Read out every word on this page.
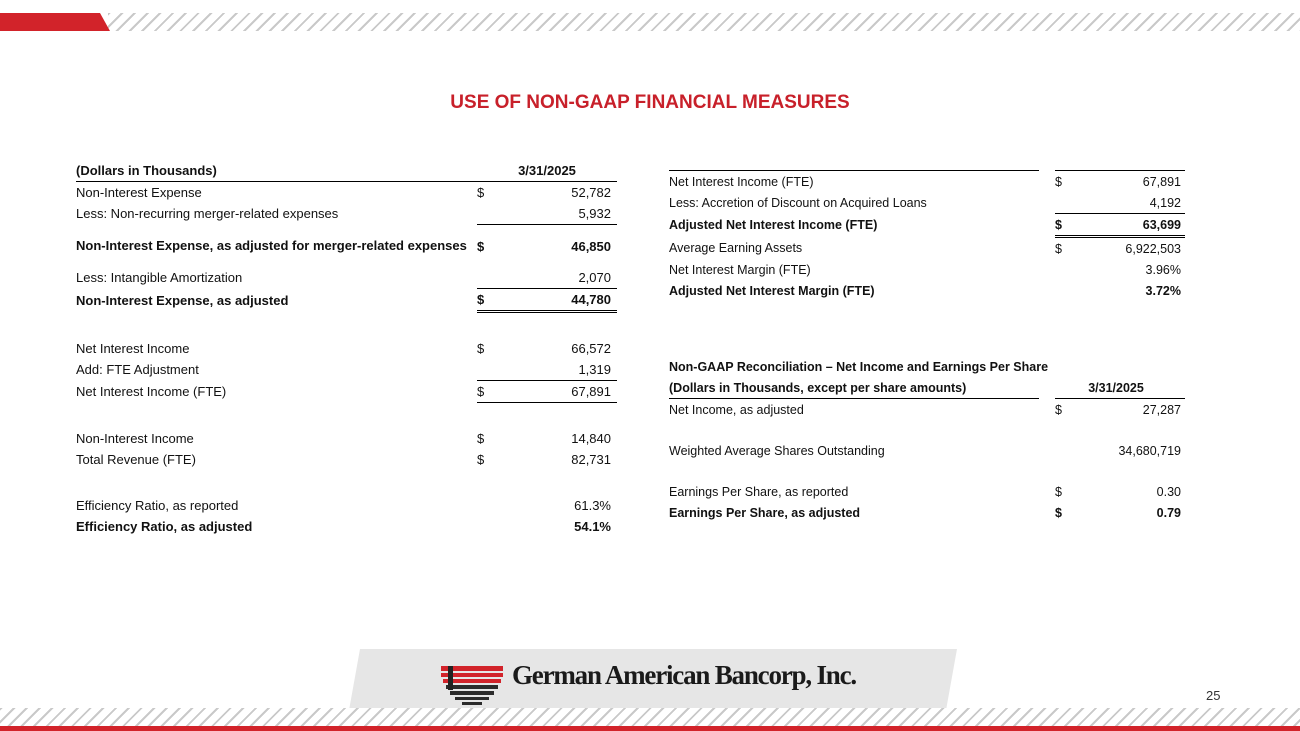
USE OF NON-GAAP FINANCIAL MEASURES
(Dollars in Thousands)		3/31/2025	
Non-Interest Expense		$	52,782
Less: Non-recurring merger-related expenses			5,932
Non-Interest Expense, as adjusted for merger-related expenses		$	46,850
Less: Intangible Amortization			2,070
Non-Interest Expense, as adjusted		$	44,780

Net Interest Income		$	66,572
Add: FTE Adjustment			1,319
Net Interest Income (FTE)		$	67,891

Non-Interest Income		$	14,840
Total Revenue (FTE)		$	82,731

Efficiency Ratio, as reported			61.3%
Efficiency Ratio, as adjusted			54.1%
Net Interest Income (FTE)		$	67,891
Less: Accretion of Discount on Acquired Loans			4,192
Adjusted Net Interest Income (FTE)		$	63,699
Average Earning Assets		$	6,922,503
Net Interest Margin (FTE)			3.96%
Adjusted Net Interest Margin (FTE)			3.72%
Non-GAAP Reconciliation – Net Income and Earnings Per Share			
(Dollars in Thousands, except per share amounts)		3/31/2025	
Net Income, as adjusted		$	27,287

Weighted Average Shares Outstanding			34,680,719

Earnings Per Share, as reported		$	0.30
Earnings Per Share, as adjusted		$	0.79
German American Bancorp, Inc.
25
